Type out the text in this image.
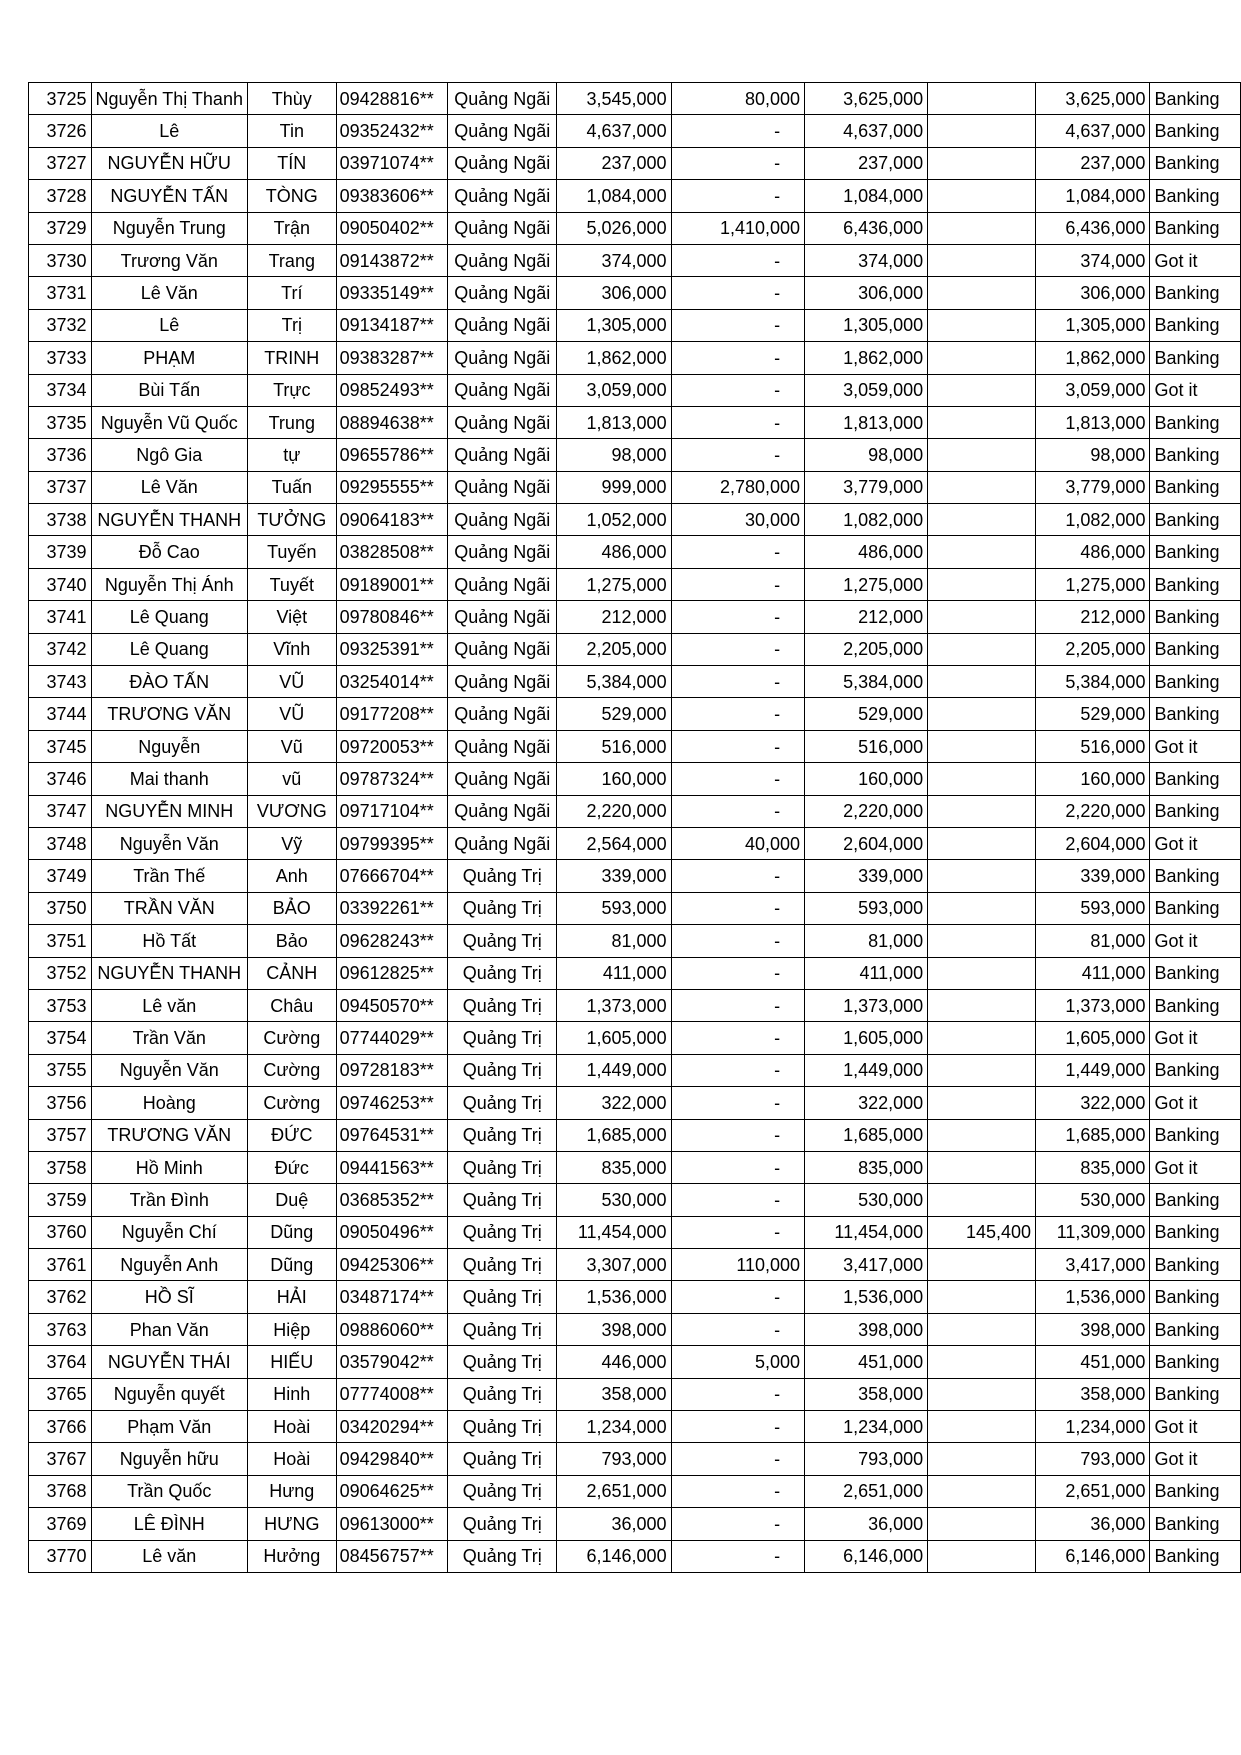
3725	Nguyễn Thị Thanh	Thùy	09428816**	Quảng Ngãi	3,545,000	80,000	3,625,000		3,625,000	Banking
3726	Lê	Tin	09352432**	Quảng Ngãi	4,637,000	-	4,637,000		4,637,000	Banking
3727	NGUYỄN HỮU	TÍN	03971074**	Quảng Ngãi	237,000	-	237,000		237,000	Banking
3728	NGUYỄN TẤN	TÒNG	09383606**	Quảng Ngãi	1,084,000	-	1,084,000		1,084,000	Banking
3729	Nguyễn Trung	Trận	09050402**	Quảng Ngãi	5,026,000	1,410,000	6,436,000		6,436,000	Banking
3730	Trương Văn	Trang	09143872**	Quảng Ngãi	374,000	-	374,000		374,000	Got it
3731	Lê Văn	Trí	09335149**	Quảng Ngãi	306,000	-	306,000		306,000	Banking
3732	Lê	Trị	09134187**	Quảng Ngãi	1,305,000	-	1,305,000		1,305,000	Banking
3733	PHẠM	TRINH	09383287**	Quảng Ngãi	1,862,000	-	1,862,000		1,862,000	Banking
3734	Bùi Tấn	Trực	09852493**	Quảng Ngãi	3,059,000	-	3,059,000		3,059,000	Got it
3735	Nguyễn Vũ Quốc	Trung	08894638**	Quảng Ngãi	1,813,000	-	1,813,000		1,813,000	Banking
3736	Ngô Gia	tự	09655786**	Quảng Ngãi	98,000	-	98,000		98,000	Banking
3737	Lê Văn	Tuấn	09295555**	Quảng Ngãi	999,000	2,780,000	3,779,000		3,779,000	Banking
3738	NGUYỄN THANH	TƯỞNG	09064183**	Quảng Ngãi	1,052,000	30,000	1,082,000		1,082,000	Banking
3739	Đỗ Cao	Tuyến	03828508**	Quảng Ngãi	486,000	-	486,000		486,000	Banking
3740	Nguyễn Thị Ánh	Tuyết	09189001**	Quảng Ngãi	1,275,000	-	1,275,000		1,275,000	Banking
3741	Lê Quang	Việt	09780846**	Quảng Ngãi	212,000	-	212,000		212,000	Banking
3742	Lê Quang	Vĩnh	09325391**	Quảng Ngãi	2,205,000	-	2,205,000		2,205,000	Banking
3743	ĐÀO TẤN	VŨ	03254014**	Quảng Ngãi	5,384,000	-	5,384,000		5,384,000	Banking
3744	TRƯƠNG VĂN	VŨ	09177208**	Quảng Ngãi	529,000	-	529,000		529,000	Banking
3745	Nguyễn	Vũ	09720053**	Quảng Ngãi	516,000	-	516,000		516,000	Got it
3746	Mai thanh	vũ	09787324**	Quảng Ngãi	160,000	-	160,000		160,000	Banking
3747	NGUYỄN MINH	VƯƠNG	09717104**	Quảng Ngãi	2,220,000	-	2,220,000		2,220,000	Banking
3748	Nguyễn Văn	Vỹ	09799395**	Quảng Ngãi	2,564,000	40,000	2,604,000		2,604,000	Got it
3749	Trần Thế	Anh	07666704**	Quảng Trị	339,000	-	339,000		339,000	Banking
3750	TRẦN VĂN	BẢO	03392261**	Quảng Trị	593,000	-	593,000		593,000	Banking
3751	Hồ Tất	Bảo	09628243**	Quảng Trị	81,000	-	81,000		81,000	Got it
3752	NGUYỄN THANH	CẢNH	09612825**	Quảng Trị	411,000	-	411,000		411,000	Banking
3753	Lê văn	Châu	09450570**	Quảng Trị	1,373,000	-	1,373,000		1,373,000	Banking
3754	Trần Văn	Cường	07744029**	Quảng Trị	1,605,000	-	1,605,000		1,605,000	Got it
3755	Nguyễn Văn	Cường	09728183**	Quảng Trị	1,449,000	-	1,449,000		1,449,000	Banking
3756	Hoàng	Cường	09746253**	Quảng Trị	322,000	-	322,000		322,000	Got it
3757	TRƯƠNG VĂN	ĐỨC	09764531**	Quảng Trị	1,685,000	-	1,685,000		1,685,000	Banking
3758	Hồ Minh	Đức	09441563**	Quảng Trị	835,000	-	835,000		835,000	Got it
3759	Trần Đình	Duệ	03685352**	Quảng Trị	530,000	-	530,000		530,000	Banking
3760	Nguyễn Chí	Dũng	09050496**	Quảng Trị	11,454,000	-	11,454,000	145,400	11,309,000	Banking
3761	Nguyễn Anh	Dũng	09425306**	Quảng Trị	3,307,000	110,000	3,417,000		3,417,000	Banking
3762	HỒ SĨ	HẢI	03487174**	Quảng Trị	1,536,000	-	1,536,000		1,536,000	Banking
3763	Phan Văn	Hiệp	09886060**	Quảng Trị	398,000	-	398,000		398,000	Banking
3764	NGUYỄN THÁI	HIẾU	03579042**	Quảng Trị	446,000	5,000	451,000		451,000	Banking
3765	Nguyễn quyết	Hinh	07774008**	Quảng Trị	358,000	-	358,000		358,000	Banking
3766	Phạm Văn	Hoài	03420294**	Quảng Trị	1,234,000	-	1,234,000		1,234,000	Got it
3767	Nguyễn hữu	Hoài	09429840**	Quảng Trị	793,000	-	793,000		793,000	Got it
3768	Trần Quốc	Hưng	09064625**	Quảng Trị	2,651,000	-	2,651,000		2,651,000	Banking
3769	LÊ ĐÌNH	HƯNG	09613000**	Quảng Trị	36,000	-	36,000		36,000	Banking
3770	Lê văn	Hưởng	08456757**	Quảng Trị	6,146,000	-	6,146,000		6,146,000	Banking
